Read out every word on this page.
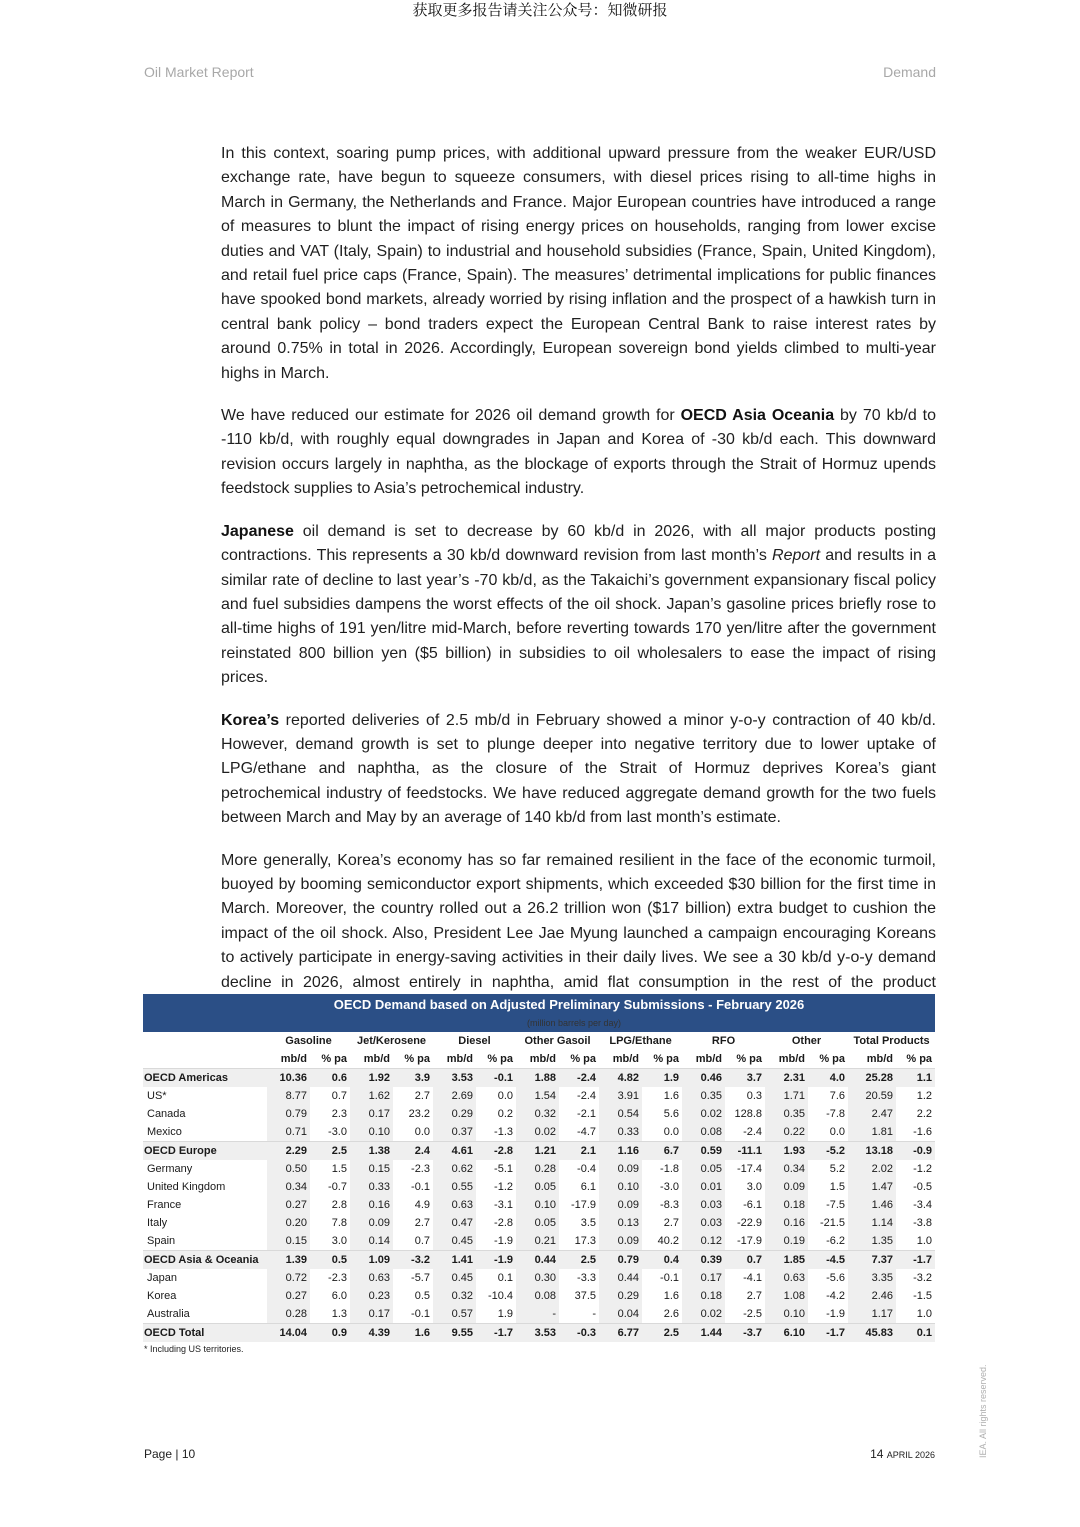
获取更多报告请关注公众号：知微研报
Oil Market Report	Demand

In this context, soaring pump prices, with additional upward pressure from the weaker EUR/USD exchange rate, have begun to squeeze consumers, with diesel prices rising to all-time highs in March in Germany, the Netherlands and France. Major European countries have introduced a range of measures to blunt the impact of rising energy prices on households, ranging from lower excise duties and VAT (Italy, Spain) to industrial and household subsidies (France, Spain, United Kingdom), and retail fuel price caps (France, Spain). The measures’ detrimental implications for public finances have spooked bond markets, already worried by rising inflation and the prospect of a hawkish turn in central bank policy – bond traders expect the European Central Bank to raise interest rates by around 0.75% in total in 2026. Accordingly, European sovereign bond yields climbed to multi-year highs in March.

We have reduced our estimate for 2026 oil demand growth for OECD Asia Oceania by 70 kb/d to -110 kb/d, with roughly equal downgrades in Japan and Korea of -30 kb/d each. This downward revision occurs largely in naphtha, as the blockage of exports through the Strait of Hormuz upends feedstock supplies to Asia’s petrochemical industry.

Japanese oil demand is set to decrease by 60 kb/d in 2026, with all major products posting contractions. This represents a 30 kb/d downward revision from last month’s Report and results in a similar rate of decline to last year’s -70 kb/d, as the Takaichi’s government expansionary fiscal policy and fuel subsidies dampens the worst effects of the oil shock. Japan’s gasoline prices briefly rose to all-time highs of 191 yen/litre mid-March, before reverting towards 170 yen/litre after the government reinstated 800 billion yen ($5 billion) in subsidies to oil wholesalers to ease the impact of rising prices.

Korea’s reported deliveries of 2.5 mb/d in February showed a minor y-o-y contraction of 40 kb/d. However, demand growth is set to plunge deeper into negative territory due to lower uptake of LPG/ethane and naphtha, as the closure of the Strait of Hormuz deprives Korea’s giant petrochemical industry of feedstocks. We have reduced aggregate demand growth for the two fuels between March and May by an average of 140 kb/d from last month’s estimate.

More generally, Korea’s economy has so far remained resilient in the face of the economic turmoil, buoyed by booming semiconductor export shipments, which exceeded $30 billion for the first time in March. Moreover, the country rolled out a 26.2 trillion won ($17 billion) extra budget to cushion the impact of the oil shock. Also, President Lee Jae Myung launched a campaign encouraging Koreans to actively participate in energy-saving activities in their daily lives. We see a 30 kb/d y-o-y demand decline in 2026, almost entirely in naphtha, amid flat consumption in the rest of the product

OECD Demand based on Adjusted Preliminary Submissions - February 2026
(million barrels per day)
	Gasoline		Jet/Kerosene		Diesel		Other Gasoil		LPG/Ethane		RFO		Other		Total Products	
	mb/d	% pa	mb/d	% pa	mb/d	% pa	mb/d	% pa	mb/d	% pa	mb/d	% pa	mb/d	% pa	mb/d	% pa
OECD Americas	10.36	0.6	1.92	3.9	3.53	-0.1	1.88	-2.4	4.82	1.9	0.46	3.7	2.31	4.0	25.28	1.1
US*	8.77	0.7	1.62	2.7	2.69	0.0	1.54	-2.4	3.91	1.6	0.35	0.3	1.71	7.6	20.59	1.2
Canada	0.79	2.3	0.17	23.2	0.29	0.2	0.32	-2.1	0.54	5.6	0.02	128.8	0.35	-7.8	2.47	2.2
Mexico	0.71	-3.0	0.10	0.0	0.37	-1.3	0.02	-4.7	0.33	0.0	0.08	-2.4	0.22	0.0	1.81	-1.6
OECD Europe	2.29	2.5	1.38	2.4	4.61	-2.8	1.21	2.1	1.16	6.7	0.59	-11.1	1.93	-5.2	13.18	-0.9
Germany	0.50	1.5	0.15	-2.3	0.62	-5.1	0.28	-0.4	0.09	-1.8	0.05	-17.4	0.34	5.2	2.02	-1.2
United Kingdom	0.34	-0.7	0.33	-0.1	0.55	-1.2	0.05	6.1	0.10	-3.0	0.01	3.0	0.09	1.5	1.47	-0.5
France	0.27	2.8	0.16	4.9	0.63	-3.1	0.10	-17.9	0.09	-8.3	0.03	-6.1	0.18	-7.5	1.46	-3.4
Italy	0.20	7.8	0.09	2.7	0.47	-2.8	0.05	3.5	0.13	2.7	0.03	-22.9	0.16	-21.5	1.14	-3.8
Spain	0.15	3.0	0.14	0.7	0.45	-1.9	0.21	17.3	0.09	40.2	0.12	-17.9	0.19	-6.2	1.35	1.0
OECD Asia & Oceania	1.39	0.5	1.09	-3.2	1.41	-1.9	0.44	2.5	0.79	0.4	0.39	0.7	1.85	-4.5	7.37	-1.7
Japan	0.72	-2.3	0.63	-5.7	0.45	0.1	0.30	-3.3	0.44	-0.1	0.17	-4.1	0.63	-5.6	3.35	-3.2
Korea	0.27	6.0	0.23	0.5	0.32	-10.4	0.08	37.5	0.29	1.6	0.18	2.7	1.08	-4.2	2.46	-1.5
Australia	0.28	1.3	0.17	-0.1	0.57	1.9	-	-	0.04	2.6	0.02	-2.5	0.10	-1.9	1.17	1.0
OECD Total	14.04	0.9	4.39	1.6	9.55	-1.7	3.53	-0.3	6.77	2.5	1.44	-3.7	6.10	-1.7	45.83	0.1
* Including US territories.
Page | 10	14 APRIL 2026	IEA. All rights reserved.
